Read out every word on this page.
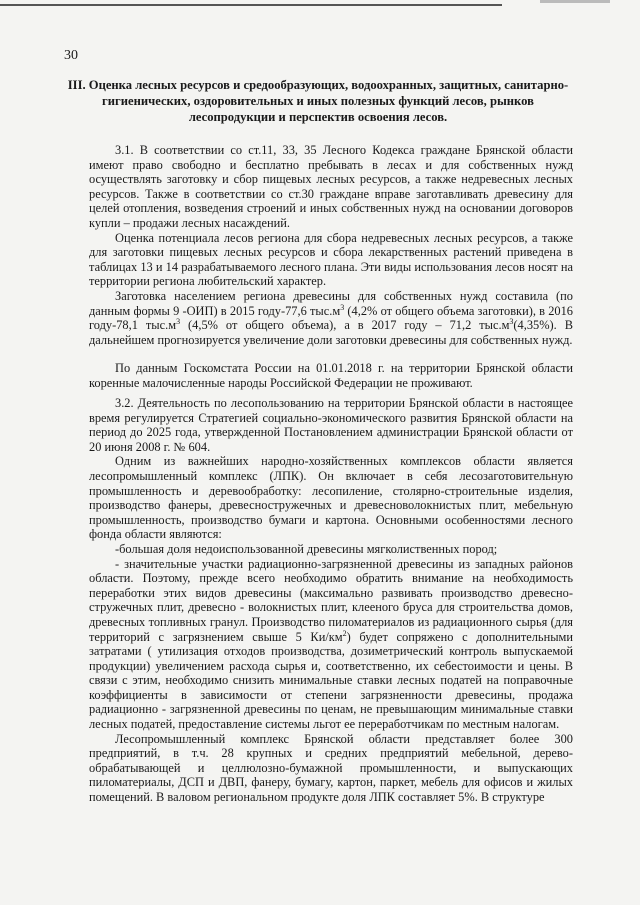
30
III. Оценка лесных ресурсов и средообразующих, водоохранных, защитных, санитарно-гигиенических, оздоровительных и иных полезных функций лесов, рынков лесопродукции и перспектив освоения лесов.

3.1. В соответствии со ст.11, 33, 35 Лесного Кодекса граждане Брянской области имеют право свободно и бесплатно пребывать в лесах и для собственных нужд осуществлять заготовку и сбор пищевых лесных ресурсов, а также недревесных лесных ресурсов. Также в соответствии со ст.30 граждане вправе заготавливать древесину для целей отопления, возведения строений и иных собственных нужд на основании договоров купли – продажи лесных насаждений.

Оценка потенциала лесов региона для сбора недревесных лесных ресурсов, а также для заготовки пищевых лесных ресурсов и сбора лекарственных растений приведена в таблицах 13 и 14 разрабатываемого лесного плана. Эти виды использования лесов носят на территории региона любительский характер.

Заготовка населением региона древесины для собственных нужд составила (по данным формы 9 -ОИП) в 2015 году-77,6 $тыс.м^3$ (4,2% от общего объема заготовки), в 2016 году-78,1 $тыс.м^3$ (4,5% от общего объема), а в 2017 году – 71,2 $тыс.м^3(4,35\%)$. В дальнейшем прогнозируется увеличение доли заготовки древесины для собственных нужд.

По данным Госкомстата России на 01.01.2018 г. на территории Брянской области коренные малочисленные народы Российской Федерации не проживают.

3.2. Деятельность по лесопользованию на территории Брянской области в настоящее время регулируется Стратегией социально-экономического развития Брянской области на период до 2025 года, утвержденной Постановлением администрации Брянской области от 20 июня 2008 г. № 604.

Одним из важнейших народно-хозяйственных комплексов области является лесопромышленный комплекс (ЛПК). Он включает в себя лесозаготовительную промышленность и деревообработку: лесопиление, столярно-строительные изделия, производство фанеры, древесностружечных и древесноволокнистых плит, мебельную промышленность, производство бумаги и картона. Основными особенностями лесного фонда области являются:

-большая доля недоиспользованной древесины мягколиственных пород;

- значительные участки радиационно-загрязненной древесины из западных районов области. Поэтому, прежде всего необходимо обратить внимание на необходимость переработки этих видов древесины (максимально развивать производство древесно-стружечных плит, древесно - волокнистых плит, клееного бруса для строительства домов, древесных топливных гранул. Производство пиломатериалов из радиационного сырья (для территорий с загрязнением свыше 5 $Ки/км^2$) будет сопряжено с дополнительными затратами ( утилизация отходов производства, дозиметрический контроль выпускаемой продукции) увеличением расхода сырья и, соответственно, их себестоимости и цены. В связи с этим, необходимо снизить минимальные ставки лесных податей на поправочные коэффициенты в зависимости от степени загрязненности древесины, продажа радиационно - загрязненной древесины по ценам, не превышающим минимальные ставки лесных податей, предоставление системы льгот ее переработчикам по местным налогам.

Лесопромышленный комплекс Брянской области представляет более 300 предприятий, в т.ч. 28 крупных и средних предприятий мебельной, дерево-обрабатывающей и целлюлозно-бумажной промышленности, и выпускающих пиломатериалы, ДСП и ДВП, фанеру, бумагу, картон, паркет, мебель для офисов и жилых помещений. В валовом региональном продукте доля ЛПК составляет 5%. В структуре
